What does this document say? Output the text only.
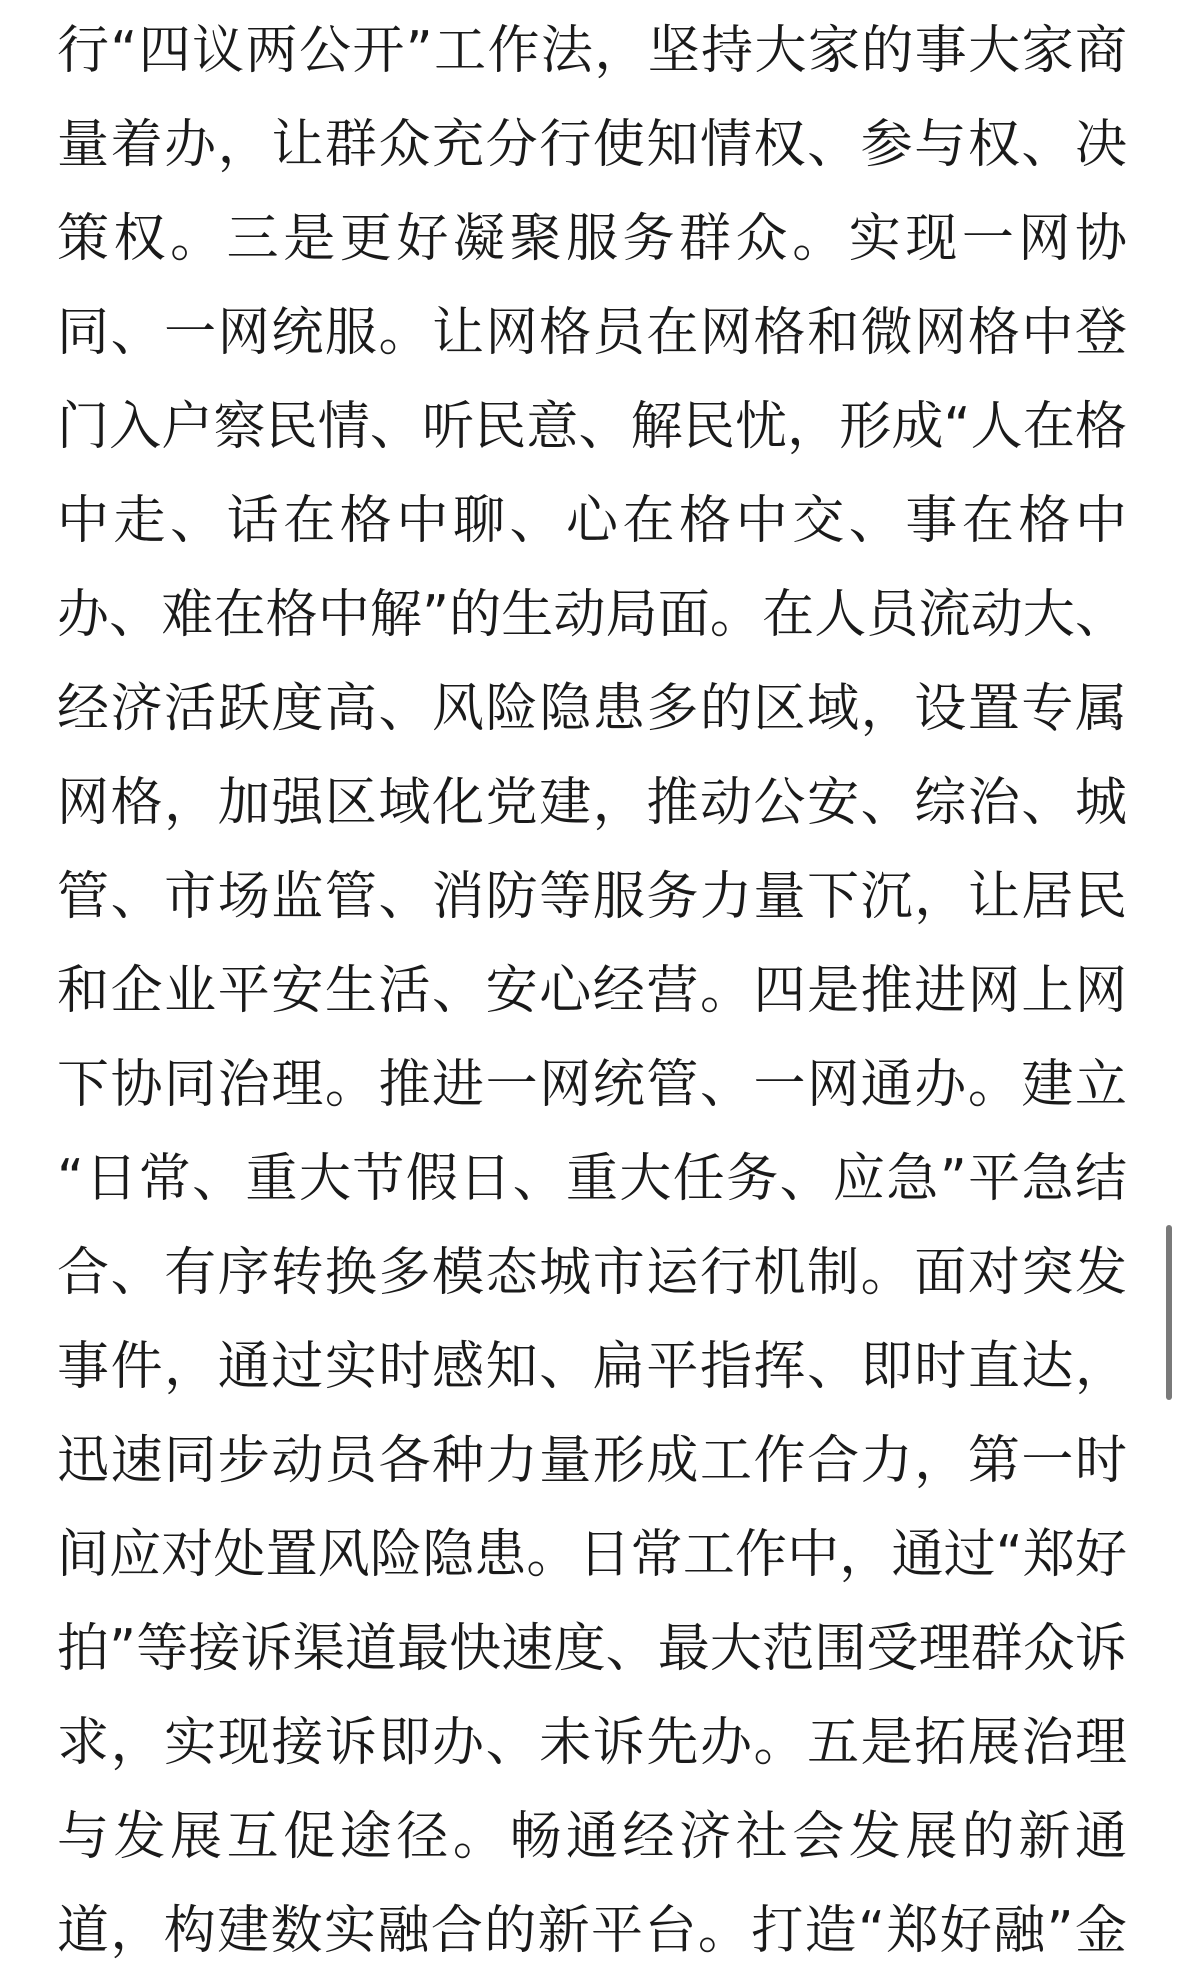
行“四议两公开”工作法，坚持大家的事大家商
量着办，让群众充分行使知情权、参与权、决
策权。三是更好凝聚服务群众。实现一网协
同、一网统服。让网格员在网格和微网格中登
门入户察民情、听民意、解民忧，形成“人在格
中走、话在格中聊、心在格中交、事在格中
办、难在格中解”的生动局面。在人员流动大、
经济活跃度高、风险隐患多的区域，设置专属
网格，加强区域化党建，推动公安、综治、城
管、市场监管、消防等服务力量下沉，让居民
和企业平安生活、安心经营。四是推进网上网
下协同治理。推进一网统管、一网通办。建立
“日常、重大节假日、重大任务、应急”平急结
合、有序转换多模态城市运行机制。面对突发
事件，通过实时感知、扁平指挥、即时直达，
迅速同步动员各种力量形成工作合力，第一时
间应对处置风险隐患。日常工作中，通过“郑好
拍”等接诉渠道最快速度、最大范围受理群众诉
求，实现接诉即办、未诉先办。五是拓展治理
与发展互促途径。畅通经济社会发展的新通
道，构建数实融合的新平台。打造“郑好融”金
